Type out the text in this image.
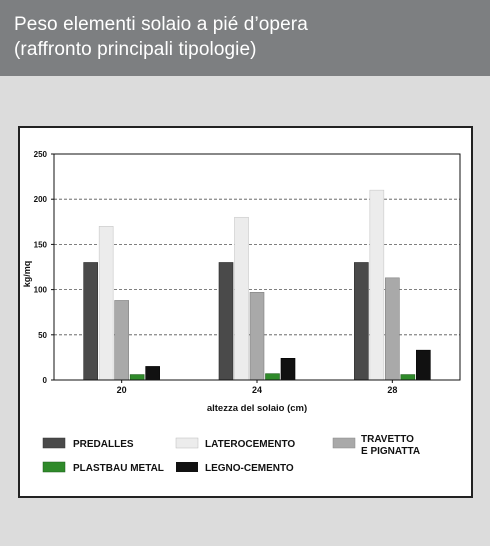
Peso elementi solaio a pié d’opera
(raffronto principali tipologie)
0
50
100
150
200
250
20	24	28
kg/mq
altezza del solaio (cm)
PREDALLES	LATEROCEMENTO	TRAVETTO
E PIGNATTA
PLASTBAU METAL	LEGNO-CEMENTO
